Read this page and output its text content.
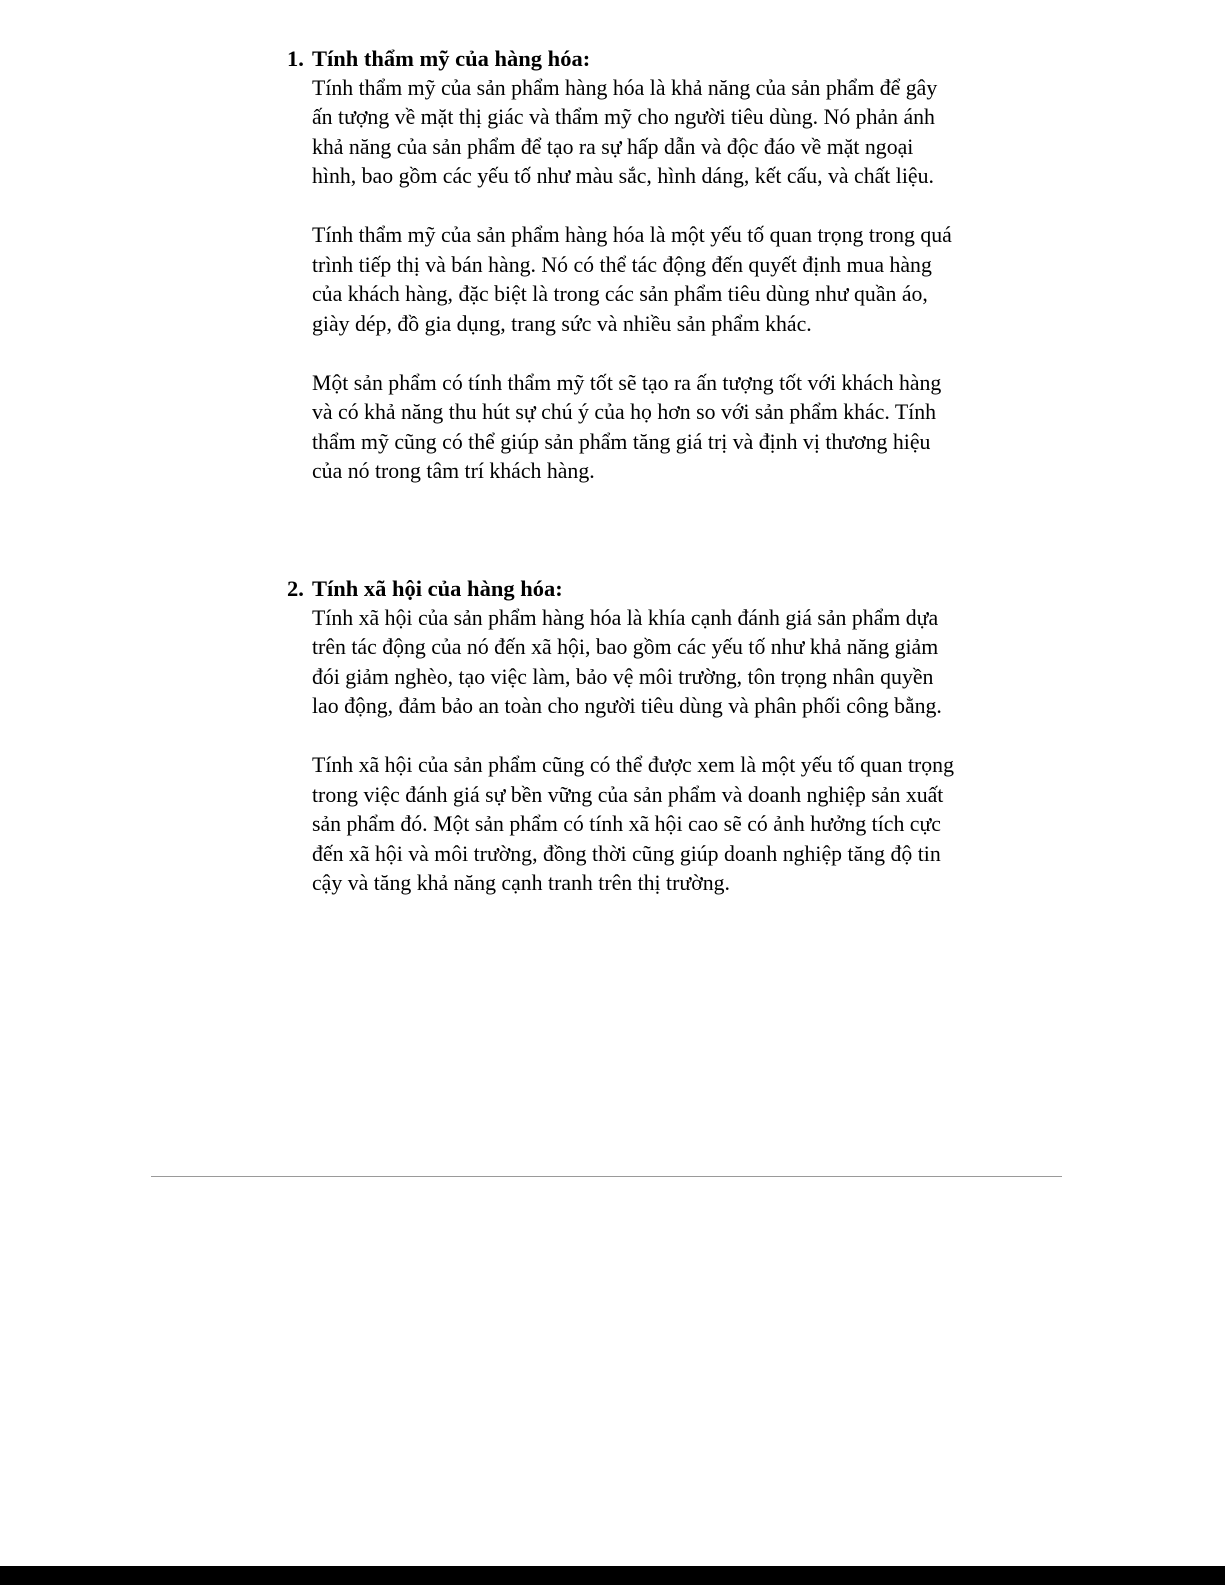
1. Tính thẩm mỹ của hàng hóa:

Tính thẩm mỹ của sản phẩm hàng hóa là khả năng của sản phẩm để gây ấn tượng về mặt thị giác và thẩm mỹ cho người tiêu dùng. Nó phản ánh khả năng của sản phẩm để tạo ra sự hấp dẫn và độc đáo về mặt ngoại hình, bao gồm các yếu tố như màu sắc, hình dáng, kết cấu, và chất liệu.

Tính thẩm mỹ của sản phẩm hàng hóa là một yếu tố quan trọng trong quá trình tiếp thị và bán hàng. Nó có thể tác động đến quyết định mua hàng của khách hàng, đặc biệt là trong các sản phẩm tiêu dùng như quần áo, giày dép, đồ gia dụng, trang sức và nhiều sản phẩm khác.

Một sản phẩm có tính thẩm mỹ tốt sẽ tạo ra ấn tượng tốt với khách hàng và có khả năng thu hút sự chú ý của họ hơn so với sản phẩm khác. Tính thẩm mỹ cũng có thể giúp sản phẩm tăng giá trị và định vị thương hiệu của nó trong tâm trí khách hàng.

2. Tính xã hội của hàng hóa:

Tính xã hội của sản phẩm hàng hóa là khía cạnh đánh giá sản phẩm dựa trên tác động của nó đến xã hội, bao gồm các yếu tố như khả năng giảm đói giảm nghèo, tạo việc làm, bảo vệ môi trường, tôn trọng nhân quyền lao động, đảm bảo an toàn cho người tiêu dùng và phân phối công bằng.

Tính xã hội của sản phẩm cũng có thể được xem là một yếu tố quan trọng trong việc đánh giá sự bền vững của sản phẩm và doanh nghiệp sản xuất sản phẩm đó. Một sản phẩm có tính xã hội cao sẽ có ảnh hưởng tích cực đến xã hội và môi trường, đồng thời cũng giúp doanh nghiệp tăng độ tin cậy và tăng khả năng cạnh tranh trên thị trường.
